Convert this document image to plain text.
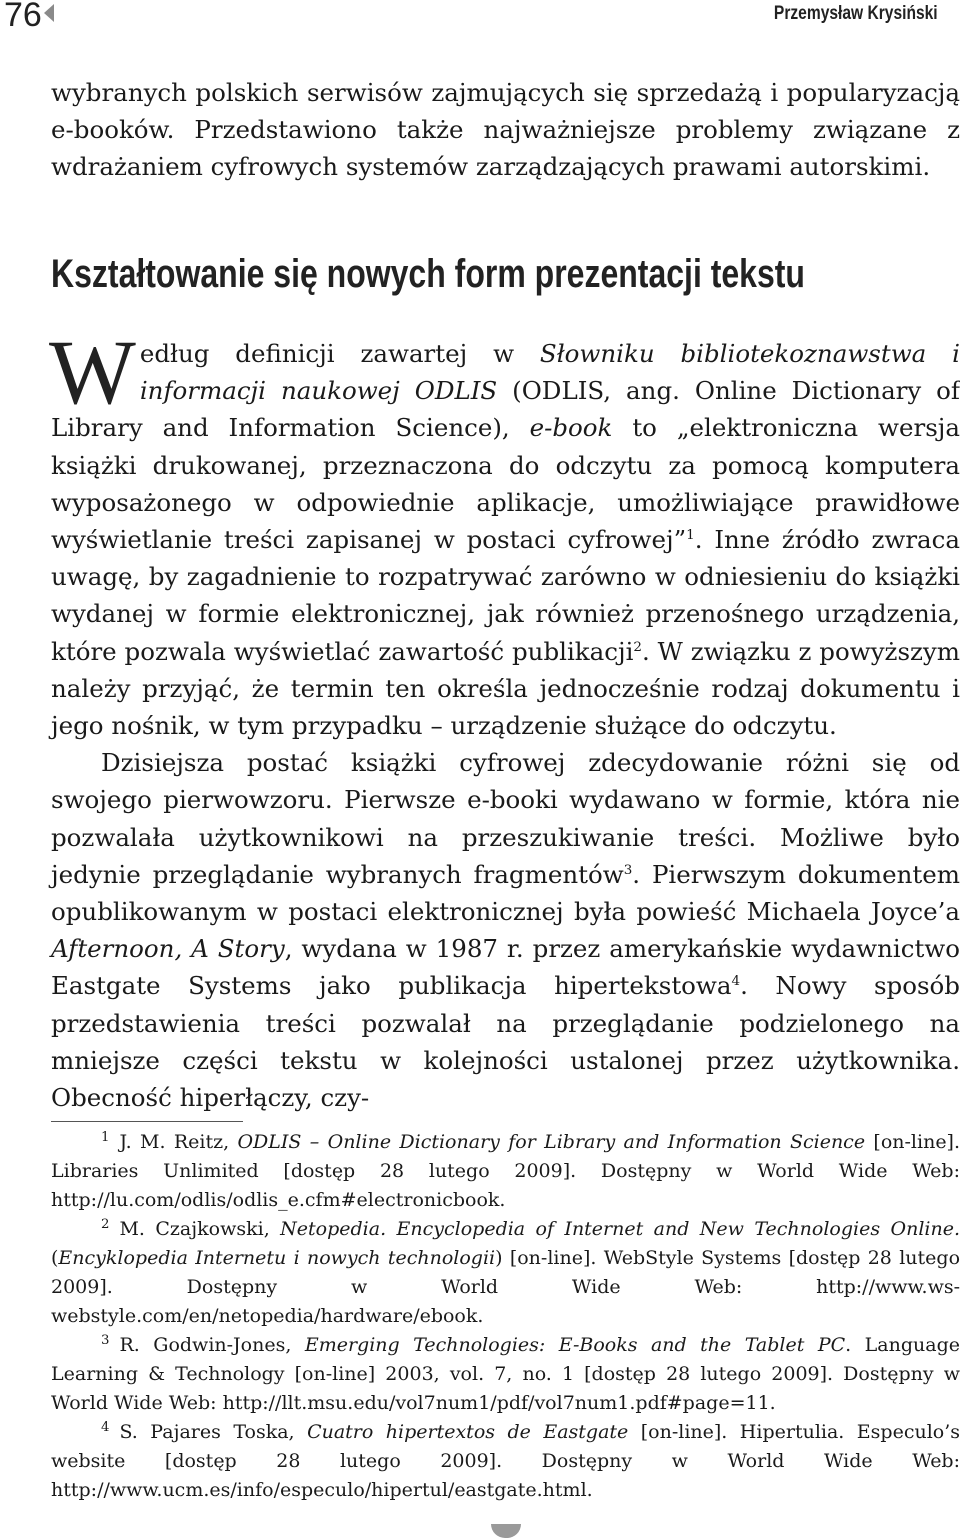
76	Przemysław Krysiński

wybranych polskich serwisów zajmujących się sprzedażą i popularyzacją e-booków. Przedstawiono także najważniejsze problemy związane z wdrażaniem cyfrowych systemów zarządzających prawami autorskimi.

Kształtowanie się nowych form prezentacji tekstu

Według definicji zawartej w Słowniku bibliotekoznawstwa i informacji naukowej ODLIS (ODLIS, ang. Online Dictionary of Library and Information Science), e-book to „elektroniczna wersja książki drukowanej, przeznaczona do odczytu za pomocą komputera wyposażonego w odpowiednie aplikacje, umożliwiające prawidłowe wyświetlanie treści zapisanej w postaci cyfrowej”$^1$. Inne źródło zwraca uwagę, by zagadnienie to rozpatrywać zarówno w odniesieniu do książki wydanej w formie elektronicznej, jak również przenośnego urządzenia, które pozwala wyświetlać zawartość publikacji$^2$. W związku z powyższym należy przyjąć, że termin ten określa jednocześnie rodzaj dokumentu i jego nośnik, w tym przypadku – urządzenie służące do odczytu.

Dzisiejsza postać książki cyfrowej zdecydowanie różni się od swojego pierwowzoru. Pierwsze e-booki wydawano w formie, która nie pozwalała użytkownikowi na przeszukiwanie treści. Możliwe było jedynie przeglądanie wybranych fragmentów$^3$. Pierwszym dokumentem opublikowanym w postaci elektronicznej była powieść Michaela Joyce’a Afternoon, A Story, wydana w 1987 r. przez amerykańskie wydawnictwo Eastgate Systems jako publikacja hipertekstowa$^4$. Nowy sposób przedstawienia treści pozwalał na przeglądanie podzielonego na mniejsze części tekstu w kolejności ustalonej przez użytkownika. Obecność hiperłączy, czy-

$^1$ J. M. Reitz, ODLIS – Online Dictionary for Library and Information Science [on-line]. Libraries Unlimited [dostęp 28 lutego 2009]. Dostępny w World Wide Web: http://lu.com/odlis/odlis_e.cfm#electronicbook.

$^2$ M. Czajkowski, Netopedia. Encyclopedia of Internet and New Technologies Online. (Encyklopedia Internetu i nowych technologii) [on-line]. WebStyle Systems [dostęp 28 lutego 2009]. Dostępny w World Wide Web: http://www.ws-webstyle.com/en/netopedia/hardware/ebook.

$^3$ R. Godwin-Jones, Emerging Technologies: E-Books and the Tablet PC. Language Learning & Technology [on-line] 2003, vol. 7, no. 1 [dostęp 28 lutego 2009]. Dostępny w World Wide Web: http://llt.msu.edu/vol7num1/pdf/vol7num1.pdf#page=11.

$^4$ S. Pajares Toska, Cuatro hipertextos de Eastgate [on-line]. Hipertulia. Especulo’s website [dostęp 28 lutego 2009]. Dostępny w World Wide Web: http://www.ucm.es/info/especulo/hipertul/eastgate.html.
